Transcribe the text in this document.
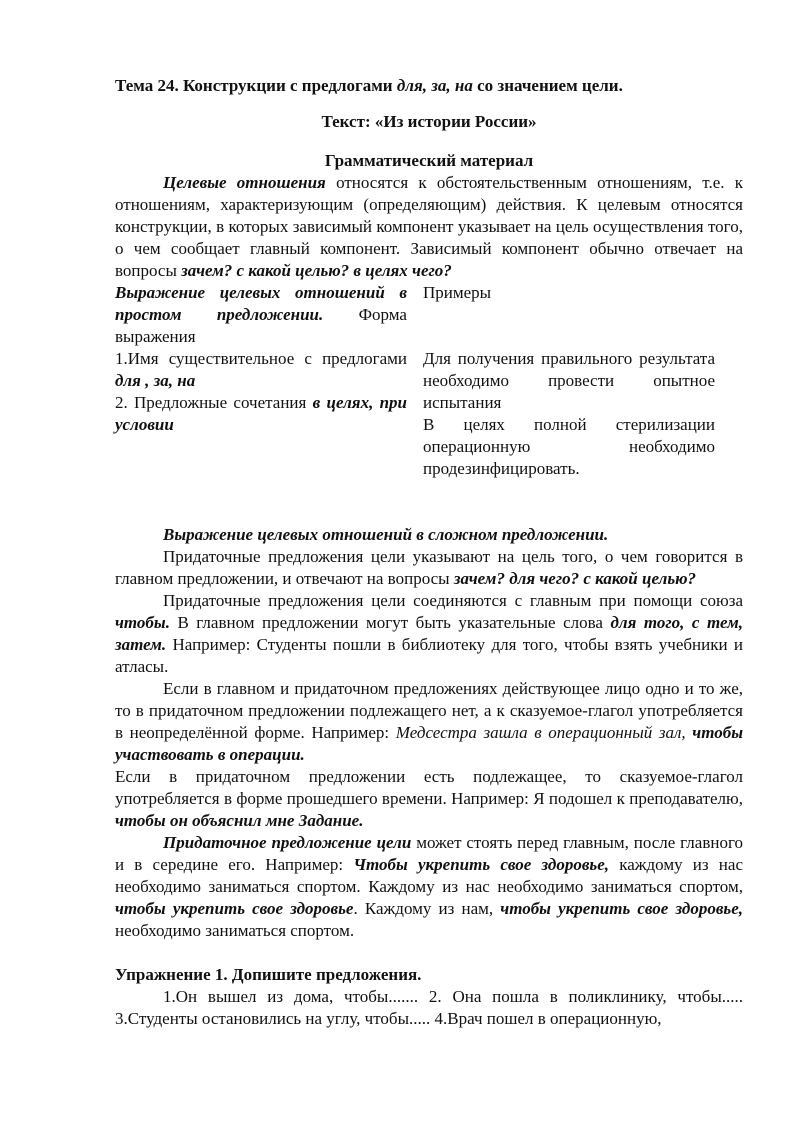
Тема 24. Конструкции с предлогами для, за, на со значением цели.

Текст: «Из истории России»

Грамматический материал

Целевые отношения относятся к обстоятельственным отношениям, т.е. к отношениям, характеризующим (определяющим) действия. К целевым относятся конструкции, в которых зависимый компонент указывает на цель осуществления того, о чем сообщает главный компонент. Зависимый компонент обычно отвечает на вопросы зачем? с какой целью? в целях чего?

Выражение целевых отношений в простом предложении. Форма выражения

Примеры

1.Имя существительное с предлогами для , за, на

2. Предложные сочетания в целях, при условии

Для получения правильного результата необходимо провести опытное испытания

В целях полной стерилизации операционную необходимо продезинфицировать.

Выражение целевых отношений в сложном предложении.

Придаточные предложения цели указывают на цель того, о чем говорится в главном предложении, и отвечают на вопросы зачем? для чего? с какой целью?

Придаточные предложения цели соединяются с главным при помощи союза чтобы. В главном предложении могут быть указательные слова для того, с тем, затем. Например: Студенты пошли в библиотеку для того, чтобы взять учебники и атласы.

Если в главном и придаточном предложениях действующее лицо одно и то же, то в придаточном предложении подлежащего нет, а к сказуемое-глагол употребляется в неопределённой форме. Например: Медсестра зашла в операционный зал, чтобы участвовать в операции.

Если в придаточном предложении есть подлежащее, то сказуемое-глагол употребляется в форме прошедшего времени. Например: Я подошел к преподавателю, чтобы он объяснил мне Задание.

Придаточное предложение цели может стоять перед главным, после главного и в середине его. Например: Чтобы укрепить свое здоровье, каждому из нас необходимо заниматься спортом. Каждому из нас необходимо заниматься спортом, чтобы укрепить свое здоровье. Каждому из нам, чтобы укрепить свое здоровье, необходимо заниматься спортом.

Упражнение 1. Допишите предложения.

1.Он вышел из дома, чтобы....... 2. Она пошла в поликлинику, чтобы..... 3.Студенты остановились на углу, чтобы..... 4.Врач пошел в операционную,
